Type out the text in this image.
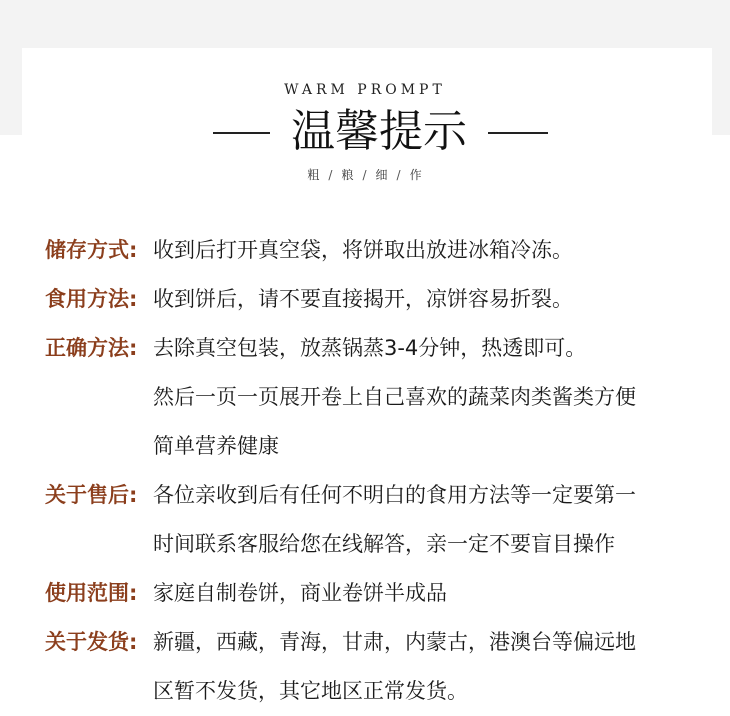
WARM PROMPT
温馨提示
粗 / 粮 / 细 / 作
储存方式: 收到后打开真空袋，将饼取出放进冰箱冷冻。
食用方法: 收到饼后，请不要直接揭开，凉饼容易折裂。
正确方法: 去除真空包装，放蒸锅蒸3-4分钟，热透即可。
然后一页一页展开卷上自己喜欢的蔬菜肉类酱类方便
简单营养健康
关于售后: 各位亲收到后有任何不明白的食用方法等一定要第一
时间联系客服给您在线解答，亲一定不要盲目操作
使用范围: 家庭自制卷饼，商业卷饼半成品
关于发货: 新疆，西藏，青海，甘肃，内蒙古，港澳台等偏远地
区暂不发货，其它地区正常发货。
